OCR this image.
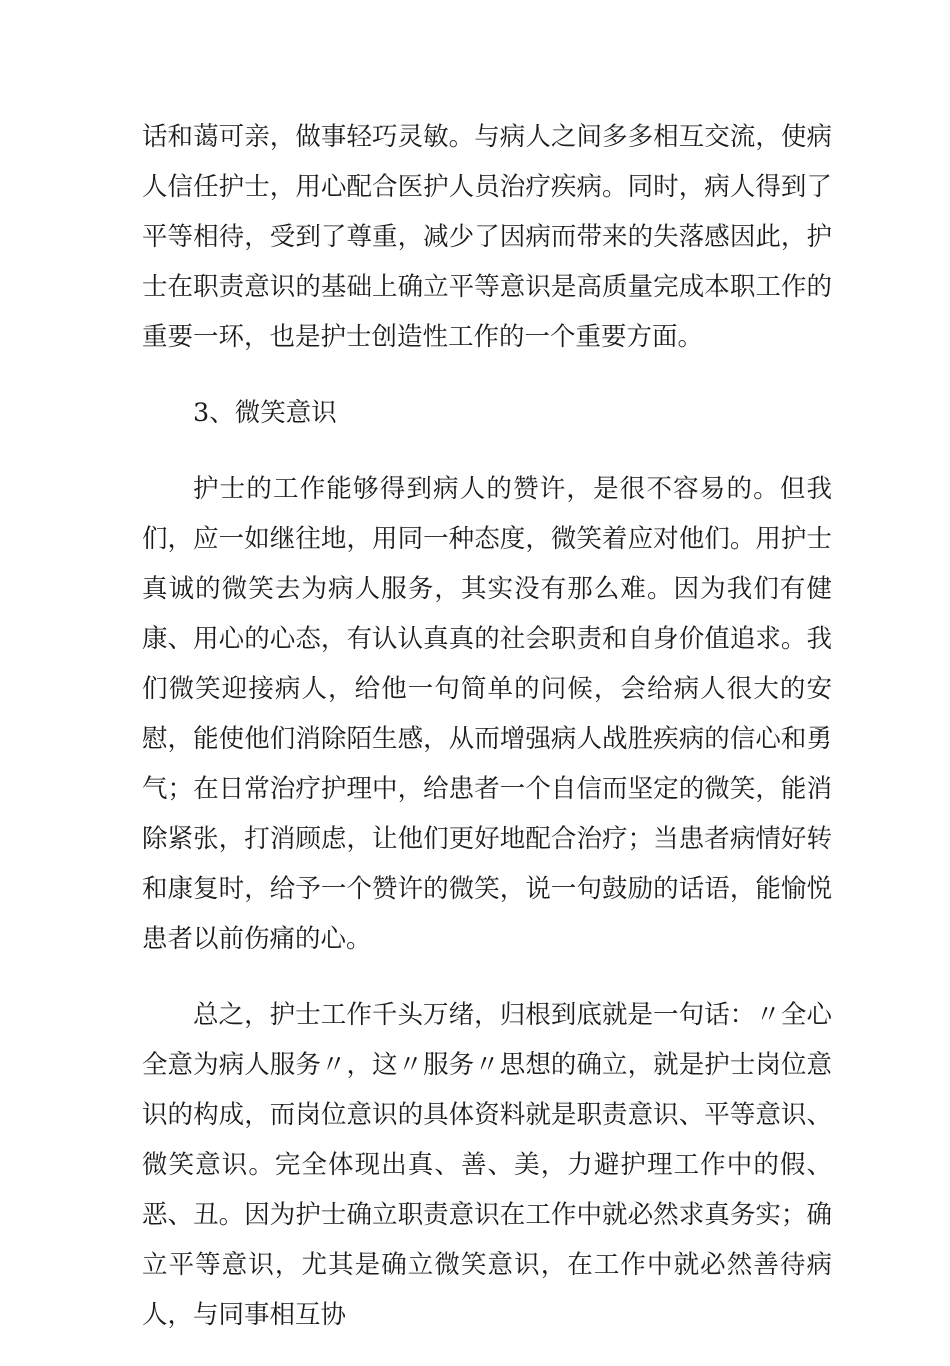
话和蔼可亲，做事轻巧灵敏。与病人之间多多相互交流，使病人信任护士，用心配合医护人员治疗疾病。同时，病人得到了平等相待，受到了尊重，减少了因病而带来的失落感因此，护士在职责意识的基础上确立平等意识是高质量完成本职工作的重要一环，也是护士创造性工作的一个重要方面。

3、微笑意识

护士的工作能够得到病人的赞许，是很不容易的。但我们，应一如继往地，用同一种态度，微笑着应对他们。用护士真诚的微笑去为病人服务，其实没有那么难。因为我们有健康、用心的心态，有认认真真的社会职责和自身价值追求。我们微笑迎接病人，给他一句简单的问候，会给病人很大的安慰，能使他们消除陌生感，从而增强病人战胜疾病的信心和勇气；在日常治疗护理中，给患者一个自信而坚定的微笑，能消除紧张，打消顾虑，让他们更好地配合治疗；当患者病情好转和康复时，给予一个赞许的微笑，说一句鼓励的话语，能愉悦患者以前伤痛的心。

总之，护士工作千头万绪，归根到底就是一句话：〃全心全意为病人服务〃，这〃服务〃思想的确立，就是护士岗位意识的构成，而岗位意识的具体资料就是职责意识、平等意识、微笑意识。完全体现出真、善、美，力避护理工作中的假、恶、丑。因为护士确立职责意识在工作中就必然求真务实；确立平等意识，尤其是确立微笑意识，在工作中就必然善待病人，与同事相互协
